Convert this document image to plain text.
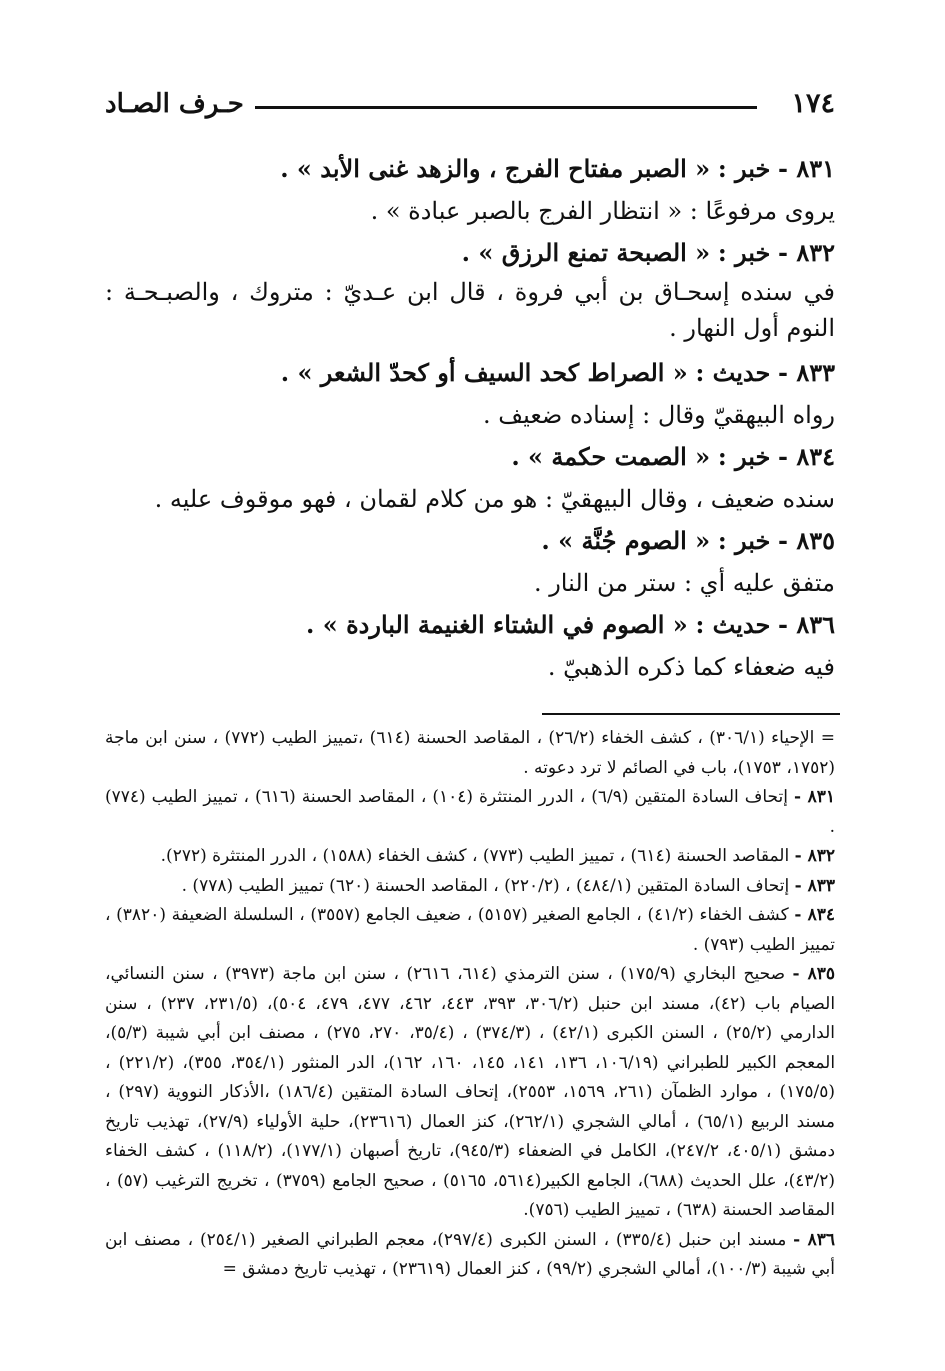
١٧٤
حـرف الصـاد
٨٣١ - خبر : « الصبر مفتاح الفرج ، والزهد غنى الأبد » .
يروى مرفوعًا : « انتظار الفرج بالصبر عبادة » .
٨٣٢ - خبر : « الصبحة تمنع الرزق » .
في سنده إسحـاق بن أبي فروة ، قال ابن عـديّ : متروك ، والصبـحـة : النوم أول النهار .
٨٣٣ - حديث : « الصراط كحد السيف أو كحدّ الشعر » .
رواه البيهقيّ وقال : إسناده ضعيف .
٨٣٤ - خبر : « الصمت حكمة » .
سنده ضعيف ، وقال البيهقيّ : هو من كلام لقمان ، فهو موقوف عليه .
٨٣٥ - خبر : « الصوم جُنَّة » .
متفق عليه أي : ستر من النار .
٨٣٦ - حديث : « الصوم في الشتاء الغنيمة الباردة » .
فيه ضعفاء كما ذكره الذهبيّ .
= الإحياء (٣٠٦/١) ، كشف الخفاء (٢٦/٢) ، المقاصد الحسنة (٦١٤) ،تمييز الطيب (٧٧٢) ، سنن ابن ماجة (١٧٥٢، ١٧٥٣)، باب في الصائم لا ترد دعوته .
٨٣١ - إتحاف السادة المتقين (٦/٩) ، الدرر المنتثرة (١٠٤) ، المقاصد الحسنة (٦١٦) ، تمييز الطيب (٧٧٤) .
٨٣٢ - المقاصد الحسنة (٦١٤) ، تمييز الطيب (٧٧٣) ، كشف الخفاء (١٥٨٨) ، الدرر المنتثرة (٢٧٢).
٨٣٣ - إتحاف السادة المتقين (٤٨٤/١) ، (٢٢٠/٢) ، المقاصد الحسنة (٦٢٠) تمييز الطيب (٧٧٨) .
٨٣٤ - كشف الخفاء (٤١/٢) ، الجامع الصغير (٥١٥٧) ، ضعيف الجامع (٣٥٥٧) ، السلسلة الضعيفة (٣٨٢٠) ، تمييز الطيب (٧٩٣) .
٨٣٥ - صحيح البخاري (١٧٥/٩) ، سنن الترمذي (٦١٤، ٢٦١٦) ، سنن ابن ماجة (٣٩٧٣) ، سنن النسائي، الصيام باب (٤٢)، مسند ابن حنبل (٣٠٦/٢، ٣٩٣، ٤٤٣، ٤٦٢، ٤٧٧، ٤٧٩، ٥٠٤)، (٢٣١/٥، ٢٣٧) ، سنن الدارمي (٢٥/٢) ، السنن الكبرى (٤٢/١) ، (٣٧٤/٣) ، (٣٥/٤، ٢٧٠، ٢٧٥) ، مصنف ابن أبي شيبة (٥/٣)، المعجم الكبير للطبراني (١٠٦/١٩، ١٣٦، ١٤١، ١٤٥، ١٦٠، ١٦٢)، الدر المنثور (٣٥٤/١، ٣٥٥)، (٢٢١/٢) ، (١٧٥/٥) ، موارد الظمآن (٢٦١، ١٥٦٩، ٢٥٥٣)، إتحاف السادة المتقين (١٨٦/٤) ،الأذكار النووية (٢٩٧) ، مسند الربيع (٦٥/١) ، أمالي الشجري (٢٦٢/١)، كنز العمال (٢٣٦١٦)، حلية الأولياء (٢٧/٩)، تهذيب تاريخ دمشق (٤٠٥/١، ٢٤٧/٢)، الكامل في الضعفاء (٩٤٥/٣)، تاريخ أصبهان (١٧٧/١)، (١١٨/٢) ، كشف الخفاء (٤٣/٢)، علل الحديث (٦٨٨)، الجامع الكبير(٥٦١٤، ٥١٦٥) ، صحيح الجامع (٣٧٥٩) ، تخريج الترغيب (٥٧) ، المقاصد الحسنة (٦٣٨) ، تمييز الطيب (٧٥٦).
٨٣٦ - مسند ابن حنبل (٣٣٥/٤) ، السنن الكبرى (٢٩٧/٤)، معجم الطبراني الصغير (٢٥٤/١) ، مصنف ابن أبي شيبة (١٠٠/٣)، أمالي الشجري (٩٩/٢) ، كنز العمال (٢٣٦١٩) ، تهذيب تاريخ دمشق =
